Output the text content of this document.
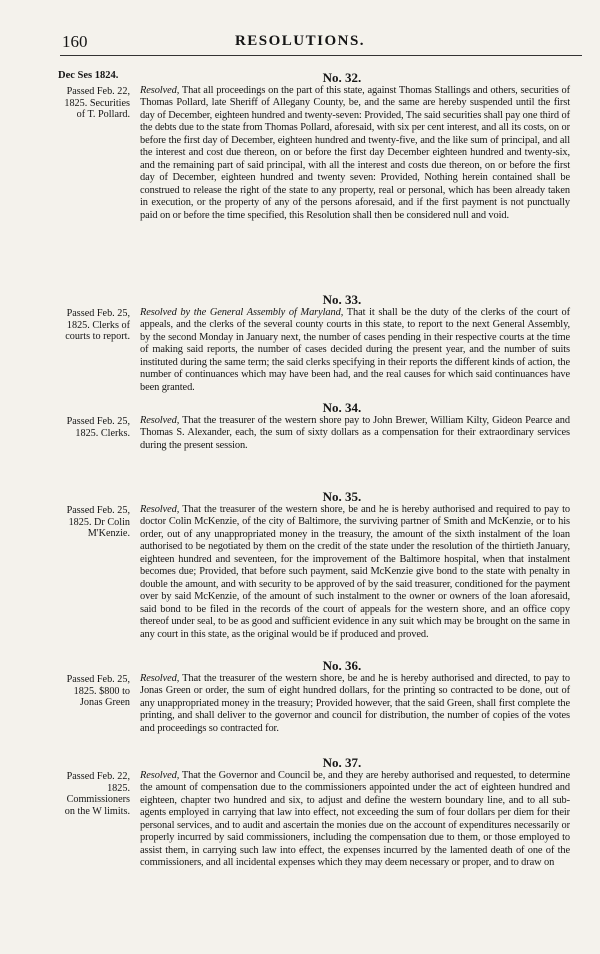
160	RESOLUTIONS.
Dec Ses 1824.	No. 32.
Passed Feb. 22, 1825. Securities of T. Pollard.
Resolved, That all proceedings on the part of this state, against Thomas Stallings and others, securities of Thomas Pollard, late Sheriff of Allegany County, be, and the same are hereby suspended until the first day of December, eighteen hundred and twenty-seven: Provided, The said securities shall pay one third of the debts due to the state from Thomas Pollard, aforesaid, with six per cent interest, and all its costs, on or before the first day of December, eighteen hundred and twenty-five, and the like sum of principal, and all the interest and cost due thereon, on or before the first day December eighteen hundred and twenty-six, and the remaining part of said principal, with all the interest and costs due thereon, on or before the first day of December, eighteen hundred and twenty seven: Provided, Nothing herein contained shall be construed to release the right of the state to any property, real or personal, which has been already taken in execution, or the property of any of the persons aforesaid, and if the first payment is not punctually paid on or before the time specified, this Resolution shall then be considered null and void.
No. 33.
Passed Feb. 25, 1825. Clerks of courts to report.
Resolved by the General Assembly of Maryland, That it shall be the duty of the clerks of the court of appeals, and the clerks of the several county courts in this state, to report to the next General Assembly, by the second Monday in January next, the number of cases pending in their respective courts at the time of making said reports, the number of cases decided during the present year, and the number of suits instituted during the same term; the said clerks specifying in their reports the different kinds of action, the number of continuances which may have been had, and the real causes for which said continuances have been granted.
No. 34.
Passed Feb. 25, 1825. Clerks.
Resolved, That the treasurer of the western shore pay to John Brewer, William Kilty, Gideon Pearce and Thomas S. Alexander, each, the sum of sixty dollars as a compensation for their extraordinary services during the present session.
No. 35.
Passed Feb. 25, 1825. Dr Colin M'Kenzie.
Resolved, That the treasurer of the western shore, be and he is hereby authorised and required to pay to doctor Colin McKenzie, of the city of Baltimore, the surviving partner of Smith and McKenzie, or to his order, out of any unappropriated money in the treasury, the amount of the sixth instalment of the loan authorised to be negotiated by them on the credit of the state under the resolution of the thirtieth January, eighteen hundred and seventeen, for the improvement of the Baltimore hospital, when that instalment becomes due; Provided, that before such payment, said McKenzie give bond to the state with penalty in double the amount, and with security to be approved of by the said treasurer, conditioned for the payment over by said McKenzie, of the amount of such instalment to the owner or owners of the loan aforesaid, said bond to be filed in the records of the court of appeals for the western shore, and an office copy thereof under seal, to be as good and sufficient evidence in any suit which may be brought on the same in any court in this state, as the original would be if produced and proved.
No. 36.
Passed Feb. 25, 1825. $800 to Jonas Green
Resolved, That the treasurer of the western shore, be and he is hereby authorised and directed, to pay to Jonas Green or order, the sum of eight hundred dollars, for the printing so contracted to be done, out of any unappropriated money in the treasury; Provided however, that the said Green, shall first complete the printing, and shall deliver to the governor and council for distribution, the number of copies of the votes and proceedings so contracted for.
No. 37.
Passed Feb. 22, 1825. Commissioners on the W limits.
Resolved, That the Governor and Council be, and they are hereby authorised and requested, to determine the amount of compensation due to the commissioners appointed under the act of eighteen hundred and eighteen, chapter two hundred and six, to adjust and define the western boundary line, and to all sub-agents employed in carrying that law into effect, not exceeding the sum of four dollars per diem for their personal services, and to audit and ascertain the monies due on the account of expenditures necessarily or properly incurred by said commissioners, including the compensation due to them, or those employed to assist them, in carrying such law into effect, the expenses incurred by the lamented death of one of the commissioners, and all incidental expenses which they may deem necessary or proper, and to draw on
